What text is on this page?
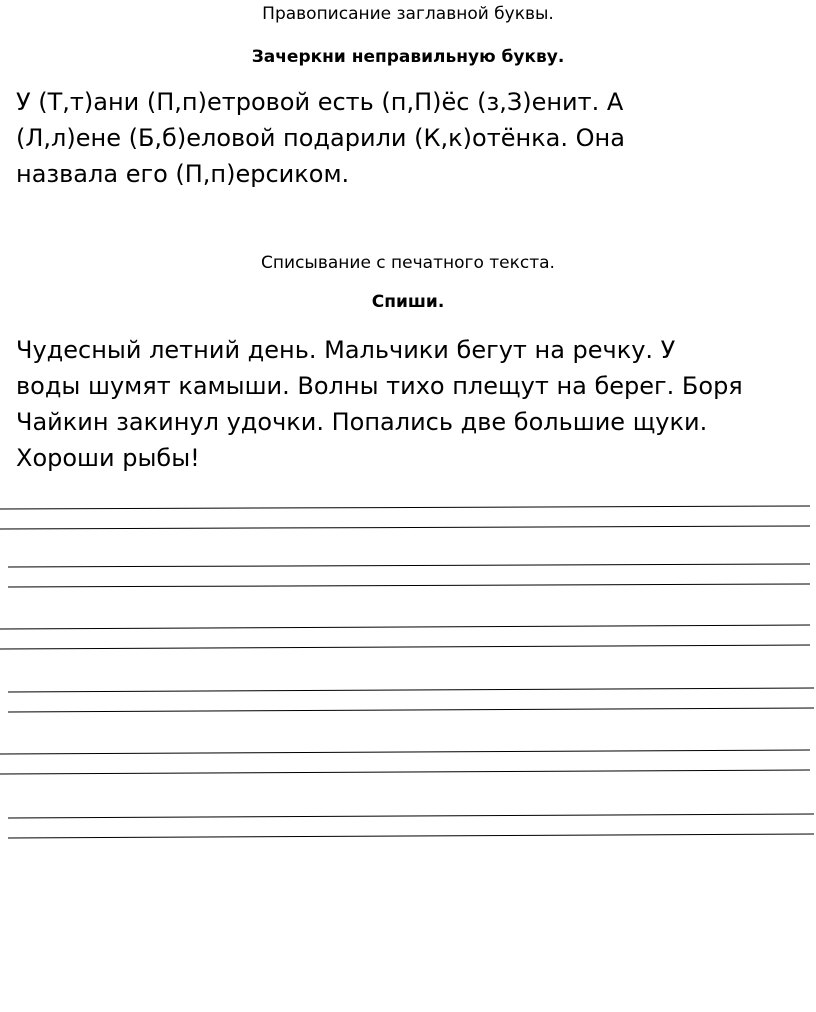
Правописание заглавной буквы.

Зачеркни неправильную букву.

У (Т,т)ани (П,п)етровой есть (п,П)ёс (з,З)енит. А

(Л,л)ене (Б,б)еловой подарили (К,к)отёнка. Она

назвала его (П,п)ерсиком.

Списывание с печатного текста.

Спиши.

Чудесный летний день. Мальчики бегут на речку. У

воды шумят камыши. Волны тихо плещут на берег. Боря

Чайкин закинул удочки. Попались две большие щуки.

Хороши рыбы!
